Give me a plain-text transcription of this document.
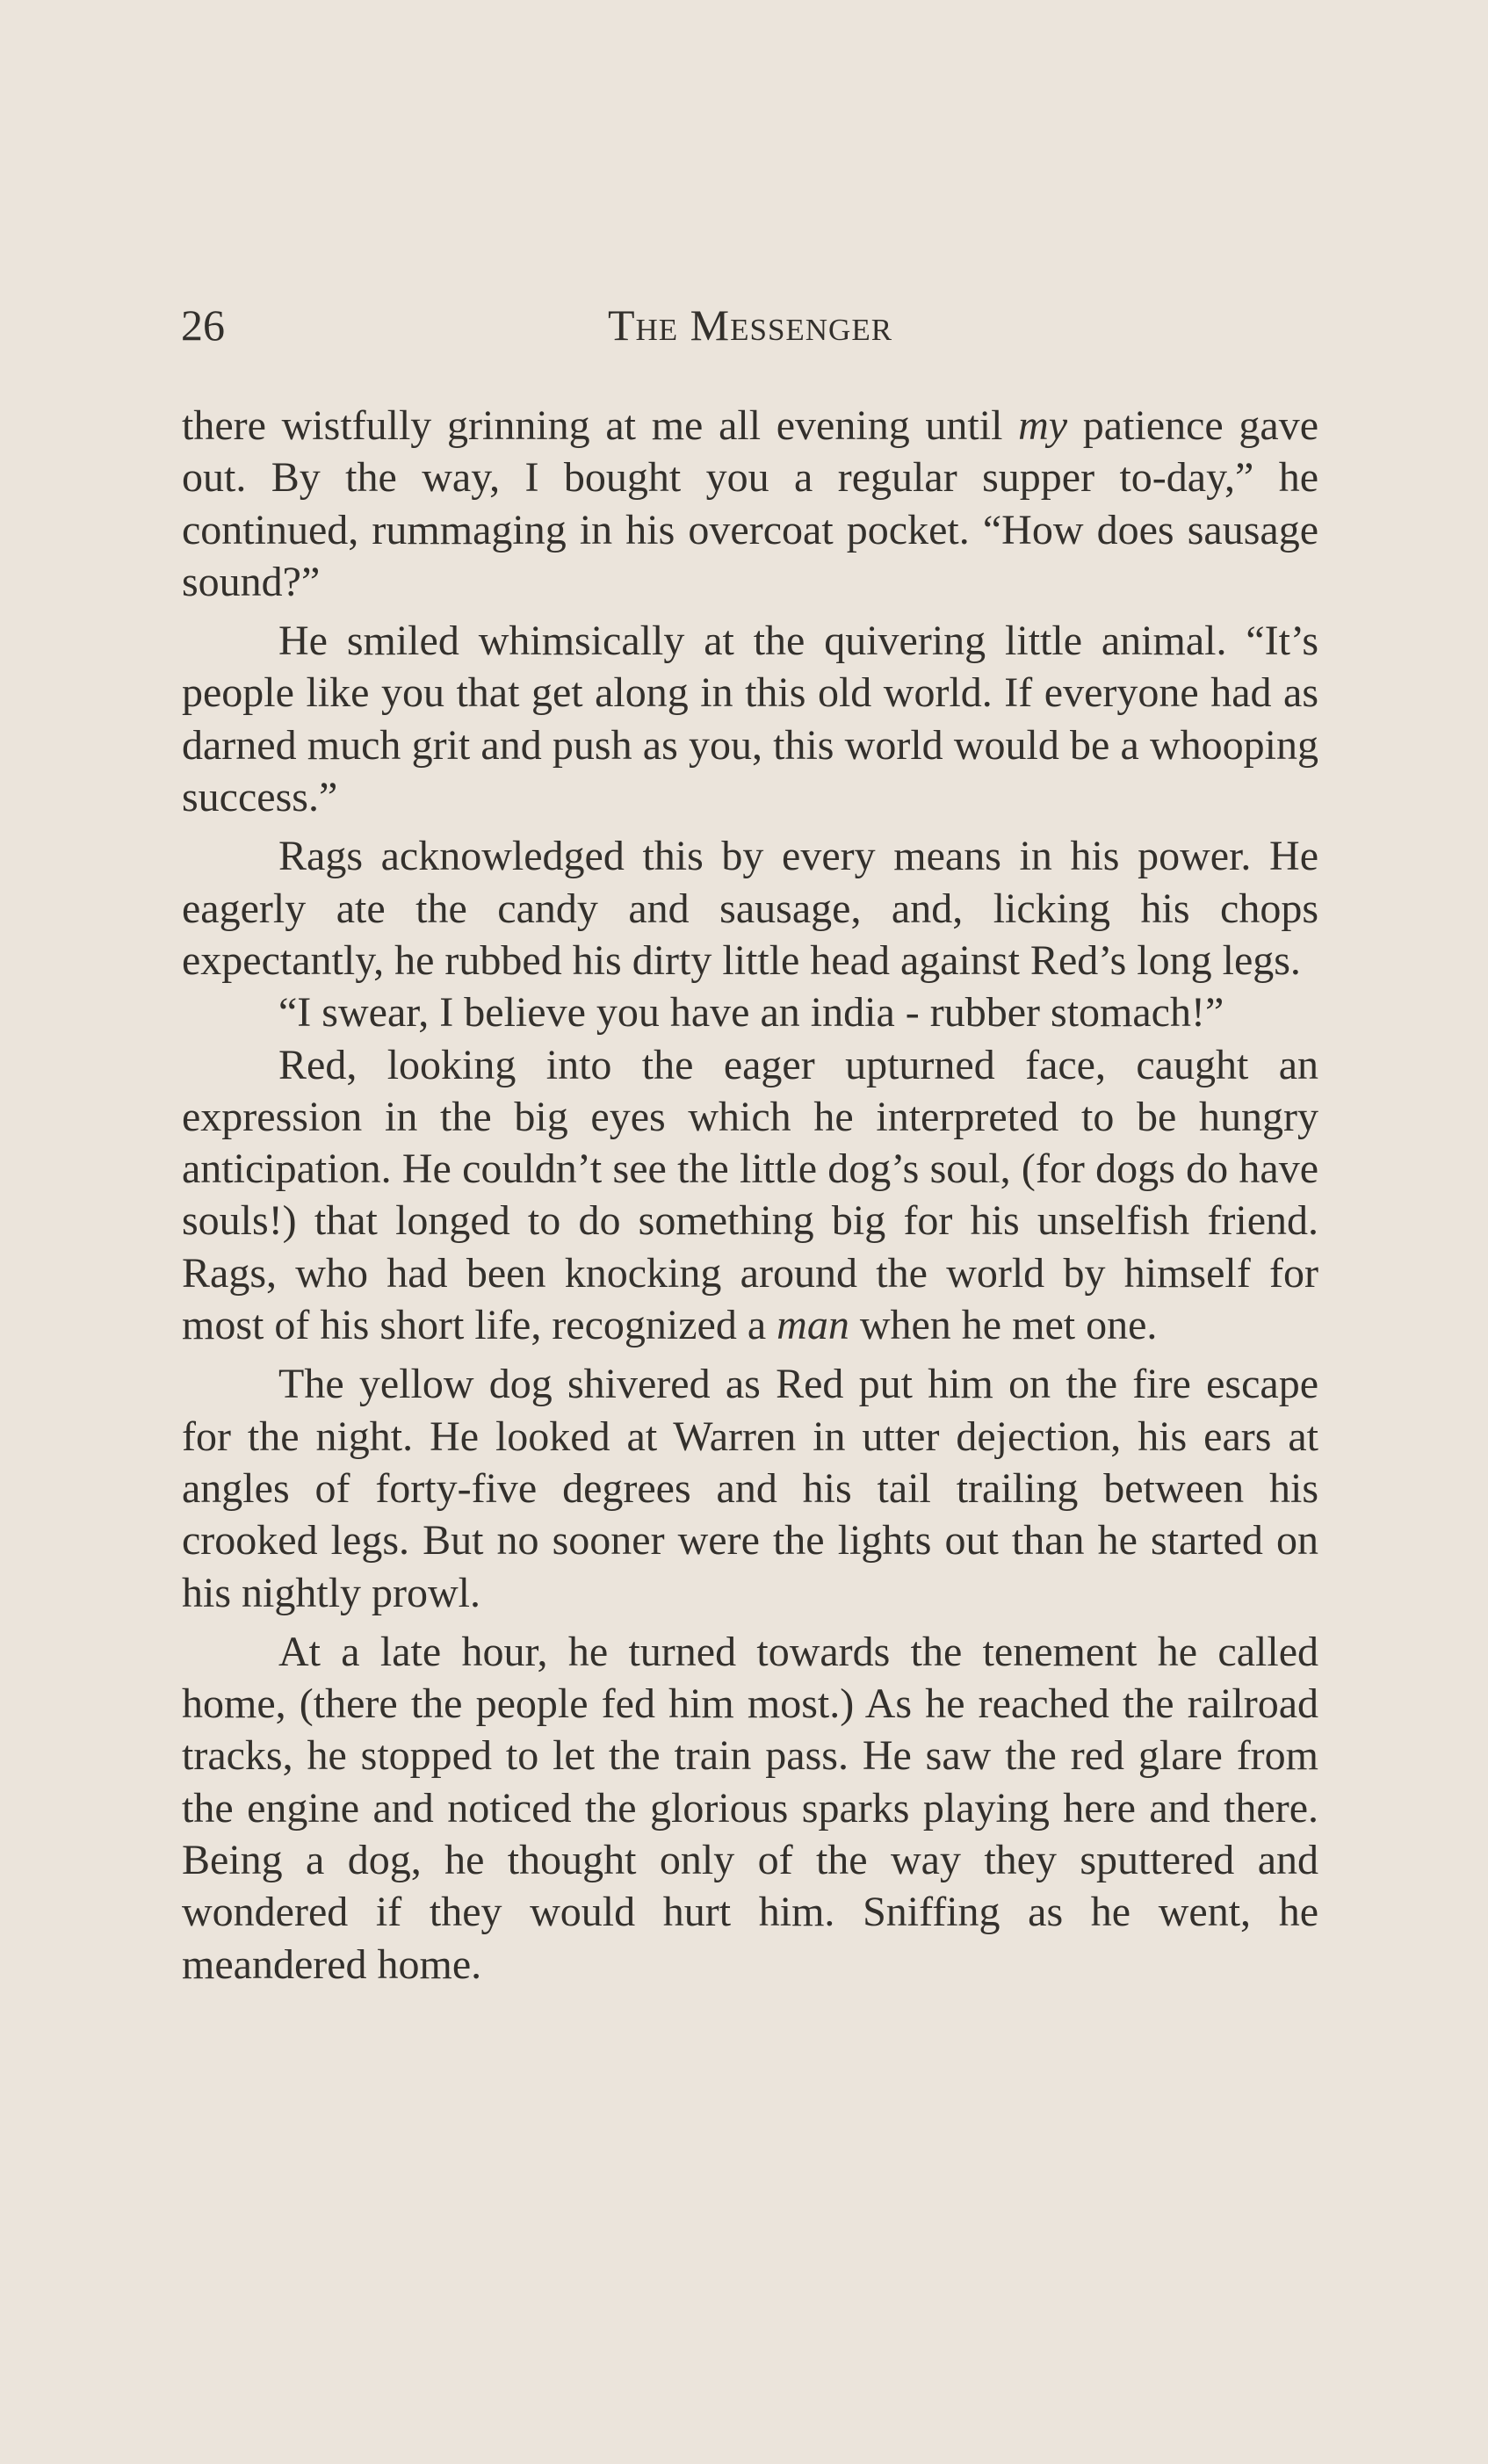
26	The Messenger

there wistfully grinning at me all evening until my patience gave out. By the way, I bought you a regular supper to-day,” he continued, rummaging in his overcoat pocket. “How does sausage sound?”

He smiled whimsically at the quivering little animal. “It’s people like you that get along in this old world. If everyone had as darned much grit and push as you, this world would be a whooping success.”

Rags acknowledged this by every means in his power. He eagerly ate the candy and sausage, and, licking his chops expectantly, he rubbed his dirty little head against Red’s long legs.

“I swear, I believe you have an india - rubber stomach!”

Red, looking into the eager upturned face, caught an expression in the big eyes which he interpreted to be hungry anticipation. He couldn’t see the little dog’s soul, (for dogs do have souls!) that longed to do something big for his unselfish friend. Rags, who had been knocking around the world by himself for most of his short life, recognized a man when he met one.

The yellow dog shivered as Red put him on the fire escape for the night. He looked at Warren in utter dejection, his ears at angles of forty-five degrees and his tail trailing between his crooked legs. But no sooner were the lights out than he started on his nightly prowl.

At a late hour, he turned towards the tenement he called home, (there the people fed him most.) As he reached the railroad tracks, he stopped to let the train pass. He saw the red glare from the engine and noticed the glorious sparks playing here and there. Being a dog, he thought only of the way they sputtered and wondered if they would hurt him. Sniffing as he went, he meandered home.
